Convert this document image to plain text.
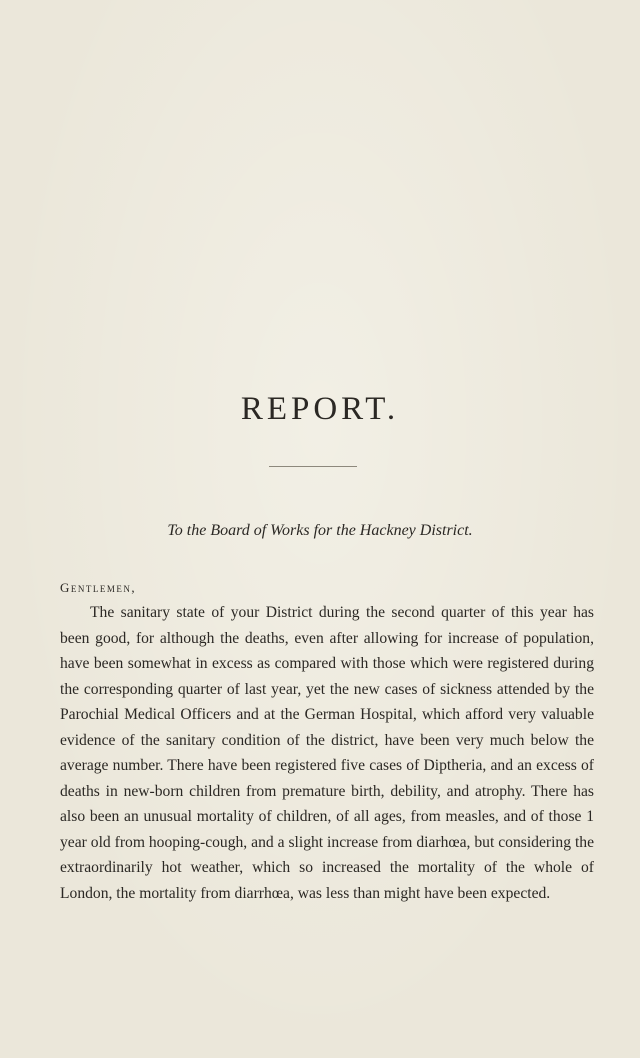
REPORT.
To the Board of Works for the Hackney District.
Gentlemen,

The sanitary state of your District during the second quarter of this year has been good, for although the deaths, even after allowing for increase of population, have been somewhat in excess as compared with those which were registered during the corresponding quarter of last year, yet the new cases of sickness attended by the Parochial Medical Officers and at the German Hospital, which afford very valuable evidence of the sanitary condition of the district, have been very much below the average number. There have been registered five cases of Diptheria, and an excess of deaths in new-born children from premature birth, debility, and atrophy. There has also been an unusual mortality of children, of all ages, from measles, and of those 1 year old from hooping-cough, and a slight increase from diarhœa, but considering the extraordinarily hot weather, which so increased the mortality of the whole of London, the mortality from diarrhœa, was less than might have been expected.
